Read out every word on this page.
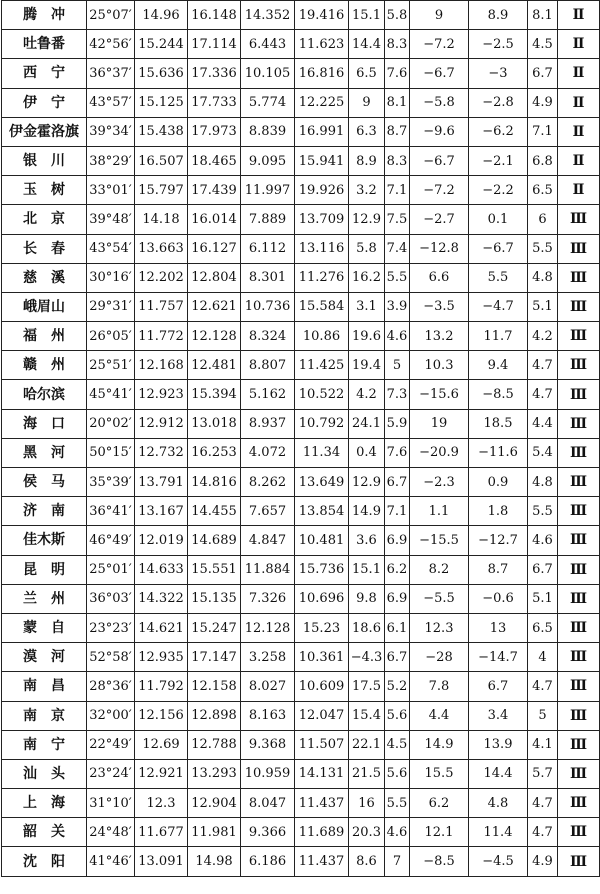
腾　冲	25°07′	14.96	16.148	14.352	19.416	15.1	5.8	9	8.9	8.1	Ⅱ
吐鲁番	42°56′	15.244	17.114	6.443	11.623	14.4	8.3	−7.2	−2.5	4.5	Ⅱ
西　宁	36°37′	15.636	17.336	10.105	16.816	6.5	7.6	−6.7	−3	6.7	Ⅱ
伊　宁	43°57′	15.125	17.733	5.774	12.225	9	8.1	−5.8	−2.8	4.9	Ⅱ
伊金霍洛旗	39°34′	15.438	17.973	8.839	16.991	6.3	8.7	−9.6	−6.2	7.1	Ⅱ
银　川	38°29′	16.507	18.465	9.095	15.941	8.9	8.3	−6.7	−2.1	6.8	Ⅱ
玉　树	33°01′	15.797	17.439	11.997	19.926	3.2	7.1	−7.2	−2.2	6.5	Ⅱ
北　京	39°48′	14.18	16.014	7.889	13.709	12.9	7.5	−2.7	0.1	6	Ⅲ
长　春	43°54′	13.663	16.127	6.112	13.116	5.8	7.4	−12.8	−6.7	5.5	Ⅲ
慈　溪	30°16′	12.202	12.804	8.301	11.276	16.2	5.5	6.6	5.5	4.8	Ⅲ
峨眉山	29°31′	11.757	12.621	10.736	15.584	3.1	3.9	−3.5	−4.7	5.1	Ⅲ
福　州	26°05′	11.772	12.128	8.324	10.86	19.6	4.6	13.2	11.7	4.2	Ⅲ
赣　州	25°51′	12.168	12.481	8.807	11.425	19.4	5	10.3	9.4	4.7	Ⅲ
哈尔滨	45°41′	12.923	15.394	5.162	10.522	4.2	7.3	−15.6	−8.5	4.7	Ⅲ
海　口	20°02′	12.912	13.018	8.937	10.792	24.1	5.9	19	18.5	4.4	Ⅲ
黑　河	50°15′	12.732	16.253	4.072	11.34	0.4	7.6	−20.9	−11.6	5.4	Ⅲ
侯　马	35°39′	13.791	14.816	8.262	13.649	12.9	6.7	−2.3	0.9	4.8	Ⅲ
济　南	36°41′	13.167	14.455	7.657	13.854	14.9	7.1	1.1	1.8	5.5	Ⅲ
佳木斯	46°49′	12.019	14.689	4.847	10.481	3.6	6.9	−15.5	−12.7	4.6	Ⅲ
昆　明	25°01′	14.633	15.551	11.884	15.736	15.1	6.2	8.2	8.7	6.7	Ⅲ
兰　州	36°03′	14.322	15.135	7.326	10.696	9.8	6.9	−5.5	−0.6	5.1	Ⅲ
蒙　自	23°23′	14.621	15.247	12.128	15.23	18.6	6.1	12.3	13	6.5	Ⅲ
漠　河	52°58′	12.935	17.147	3.258	10.361	−4.3	6.7	−28	−14.7	4	Ⅲ
南　昌	28°36′	11.792	12.158	8.027	10.609	17.5	5.2	7.8	6.7	4.7	Ⅲ
南　京	32°00′	12.156	12.898	8.163	12.047	15.4	5.6	4.4	3.4	5	Ⅲ
南　宁	22°49′	12.69	12.788	9.368	11.507	22.1	4.5	14.9	13.9	4.1	Ⅲ
汕　头	23°24′	12.921	13.293	10.959	14.131	21.5	5.6	15.5	14.4	5.7	Ⅲ
上　海	31°10′	12.3	12.904	8.047	11.437	16	5.5	6.2	4.8	4.7	Ⅲ
韶　关	24°48′	11.677	11.981	9.366	11.689	20.3	4.6	12.1	11.4	4.7	Ⅲ
沈　阳	41°46′	13.091	14.98	6.186	11.437	8.6	7	−8.5	−4.5	4.9	Ⅲ
